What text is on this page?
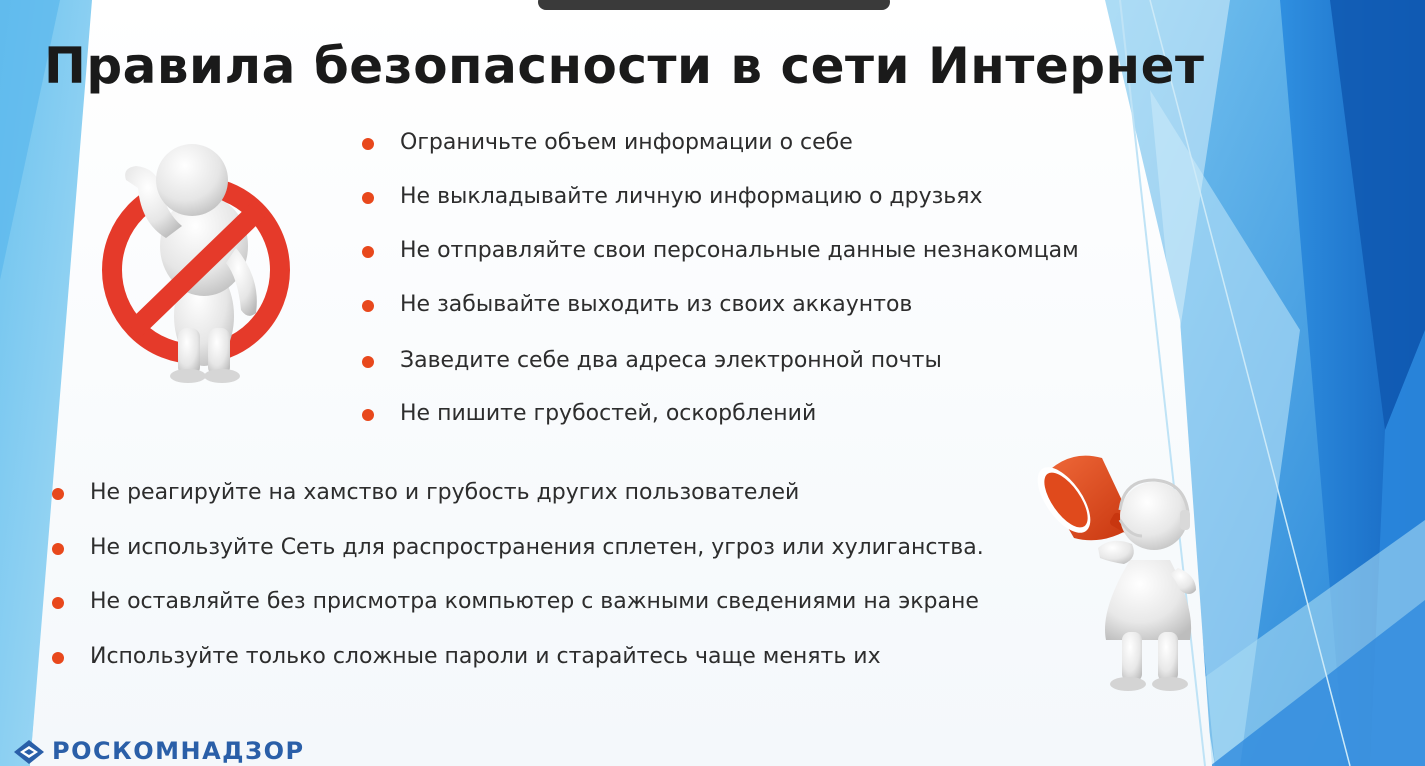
Правила безопасности в сети Интернет
Ограничьте объем информации о себе
Не выкладывайте личную информацию о друзьях
Не отправляйте свои персональные данные незнакомцам
Не забывайте выходить из своих аккаунтов
Заведите себе два адреса электронной почты
Не пишите грубостей, оскорблений
Не реагируйте на хамство и грубость других пользователей
Не используйте Сеть для распространения сплетен, угроз или хулиганства.
Не оставляйте без присмотра компьютер с важными сведениями на экране
Используйте только сложные пароли и старайтесь чаще менять их
РОСКОМНАДЗОР
